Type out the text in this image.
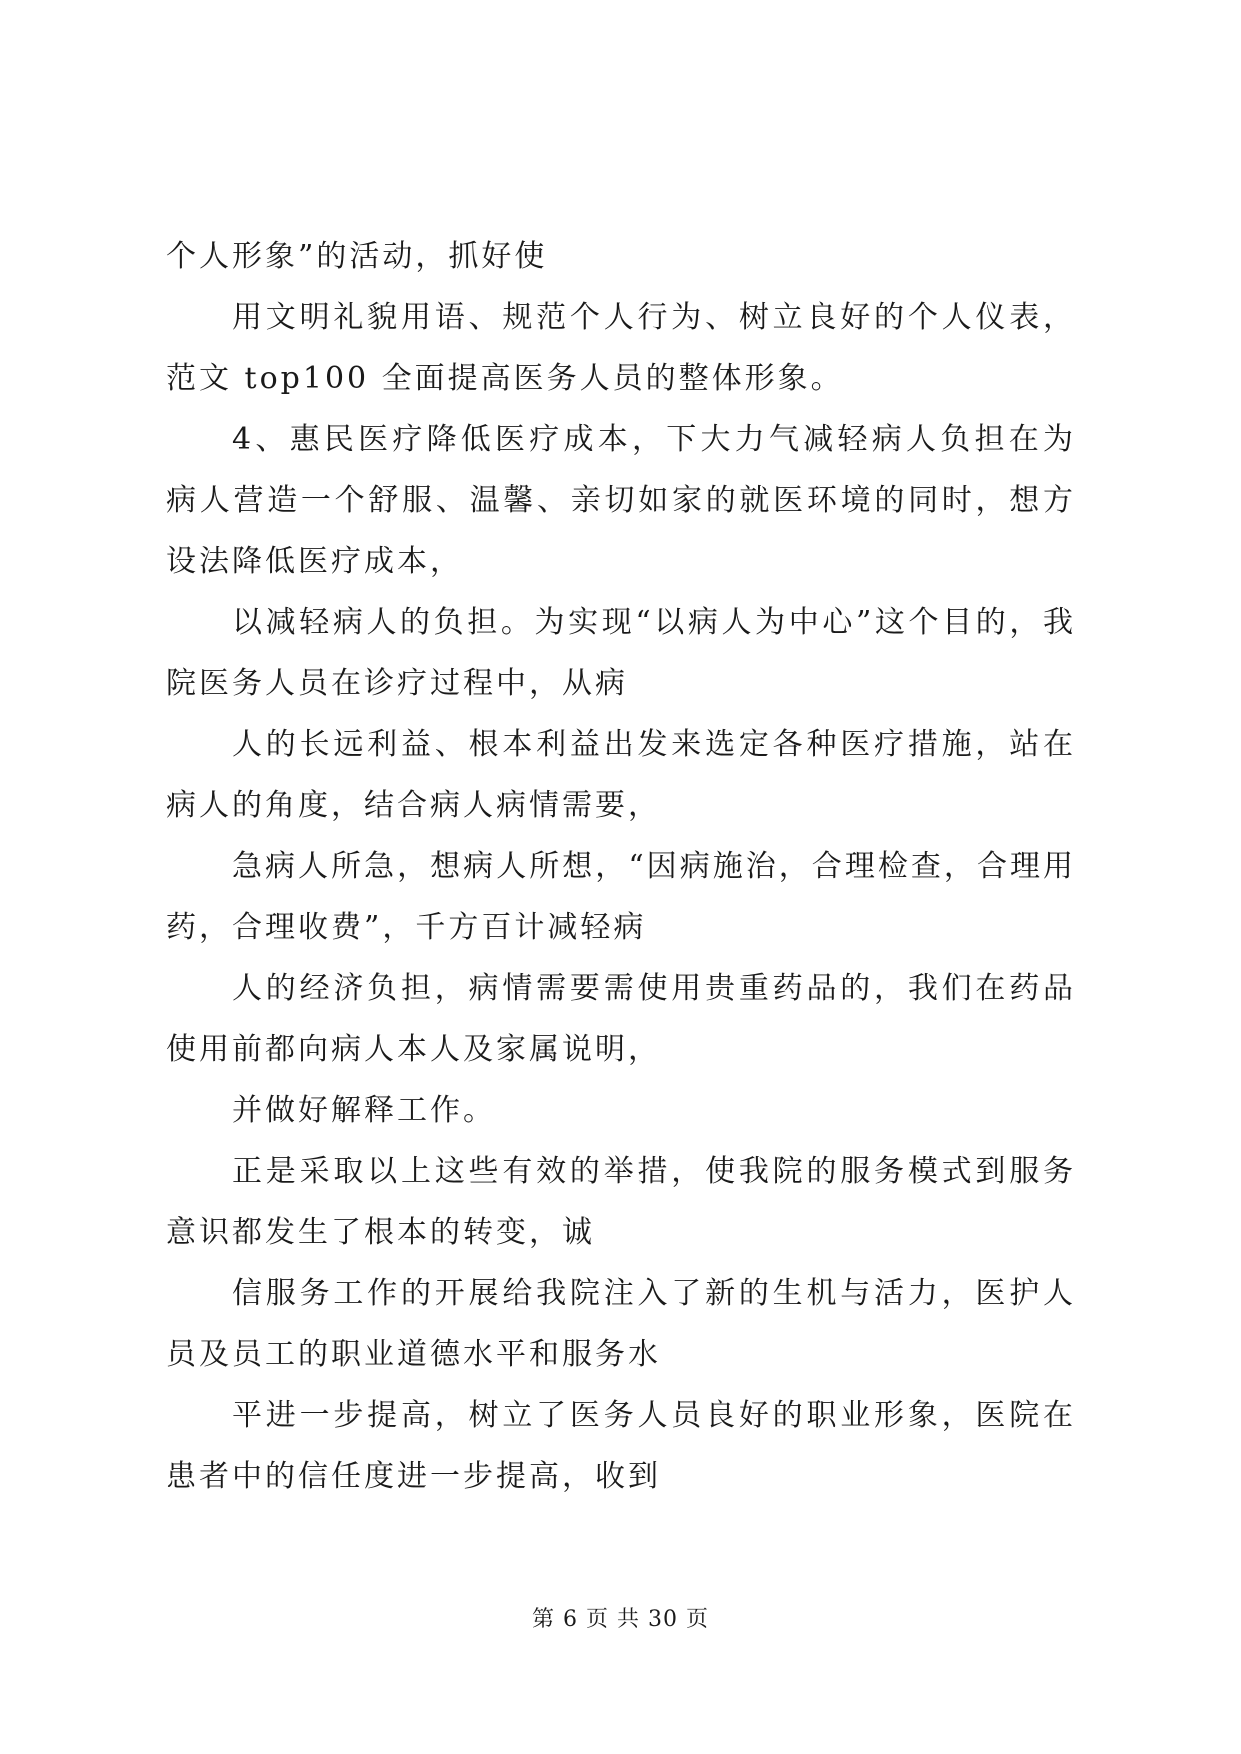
个人形象”的活动，抓好使

用文明礼貌用语、规范个人行为、树立良好的个人仪表，范文 top100 全面提高医务人员的整体形象。

4、惠民医疗降低医疗成本，下大力气减轻病人负担在为病人营造一个舒服、温馨、亲切如家的就医环境的同时，想方设法降低医疗成本，

以减轻病人的负担。为实现“以病人为中心”这个目的，我院医务人员在诊疗过程中，从病

人的长远利益、根本利益出发来选定各种医疗措施，站在病人的角度，结合病人病情需要，

急病人所急，想病人所想，“因病施治，合理检查，合理用药，合理收费”，千方百计减轻病

人的经济负担，病情需要需使用贵重药品的，我们在药品使用前都向病人本人及家属说明，

并做好解释工作。

正是采取以上这些有效的举措，使我院的服务模式到服务意识都发生了根本的转变，诚

信服务工作的开展给我院注入了新的生机与活力，医护人员及员工的职业道德水平和服务水

平进一步提高，树立了医务人员良好的职业形象，医院在患者中的信任度进一步提高，收到

第 6 页 共 30 页
